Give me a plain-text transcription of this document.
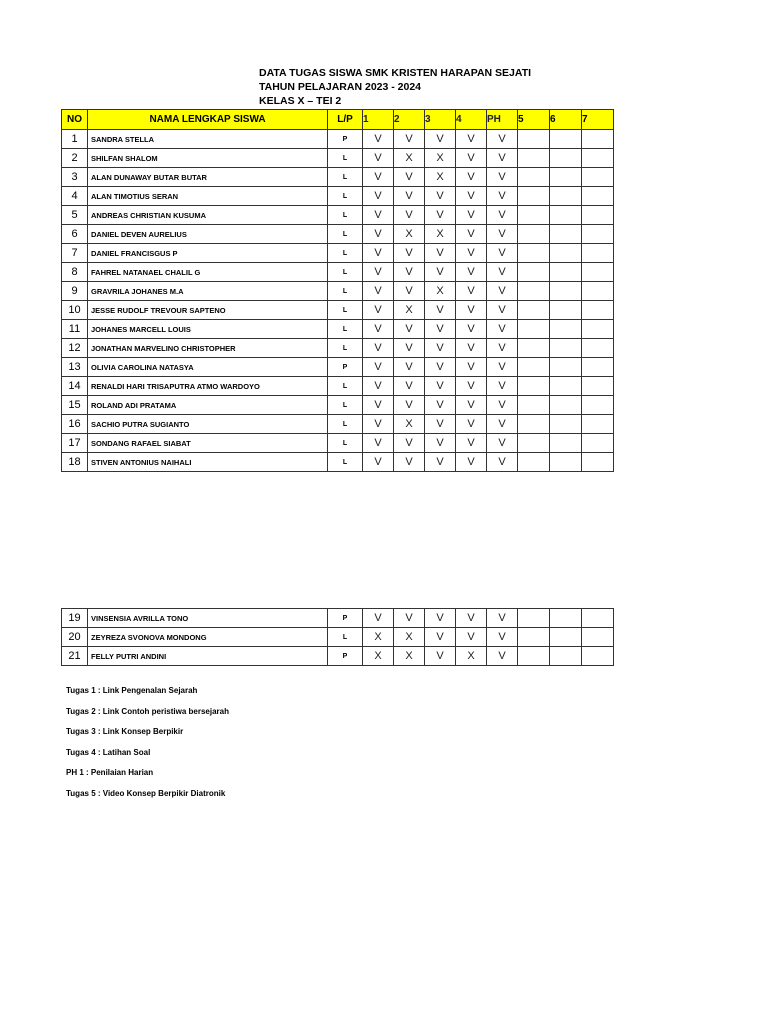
DATA TUGAS SISWA SMK KRISTEN HARAPAN SEJATI
TAHUN PELAJARAN 2023 - 2024
KELAS X – TEI 2
NO	NAMA LENGKAP SISWA	L/P	1	2	3	4	PH	5	6	7
1	SANDRA STELLA	P	V	V	V	V	V			
2	SHILFAN SHALOM	L	V	X	X	V	V			
3	ALAN DUNAWAY BUTAR BUTAR	L	V	V	X	V	V			
4	ALAN TIMOTIUS SERAN	L	V	V	V	V	V			
5	ANDREAS CHRISTIAN KUSUMA	L	V	V	V	V	V			
6	DANIEL DEVEN AURELIUS	L	V	X	X	V	V			
7	DANIEL FRANCISGUS P	L	V	V	V	V	V			
8	FAHREL NATANAEL CHALIL G	L	V	V	V	V	V			
9	GRAVRILA JOHANES M.A	L	V	V	X	V	V			
10	JESSE RUDOLF TREVOUR SAPTENO	L	V	X	V	V	V			
11	JOHANES MARCELL LOUIS	L	V	V	V	V	V			
12	JONATHAN MARVELINO CHRISTOPHER	L	V	V	V	V	V			
13	OLIVIA CAROLINA NATASYA	P	V	V	V	V	V			
14	RENALDI HARI TRISAPUTRA ATMO WARDOYO	L	V	V	V	V	V			
15	ROLAND ADI PRATAMA	L	V	V	V	V	V			
16	SACHIO PUTRA SUGIANTO	L	V	X	V	V	V			
17	SONDANG RAFAEL SIABAT	L	V	V	V	V	V			
18	STIVEN ANTONIUS NAIHALI	L	V	V	V	V	V			
19	VINSENSIA AVRILLA TONO	P	V	V	V	V	V			
20	ZEYREZA SVONOVA MONDONG	L	X	X	V	V	V			
21	FELLY PUTRI ANDINI	P	X	X	V	X	V			
Tugas 1 : Link Pengenalan Sejarah
Tugas 2 : Link Contoh peristiwa bersejarah
Tugas 3 : Link Konsep Berpikir
Tugas 4 : Latihan Soal
PH 1 : Penilaian Harian
Tugas 5 : Video Konsep Berpikir Diatronik
